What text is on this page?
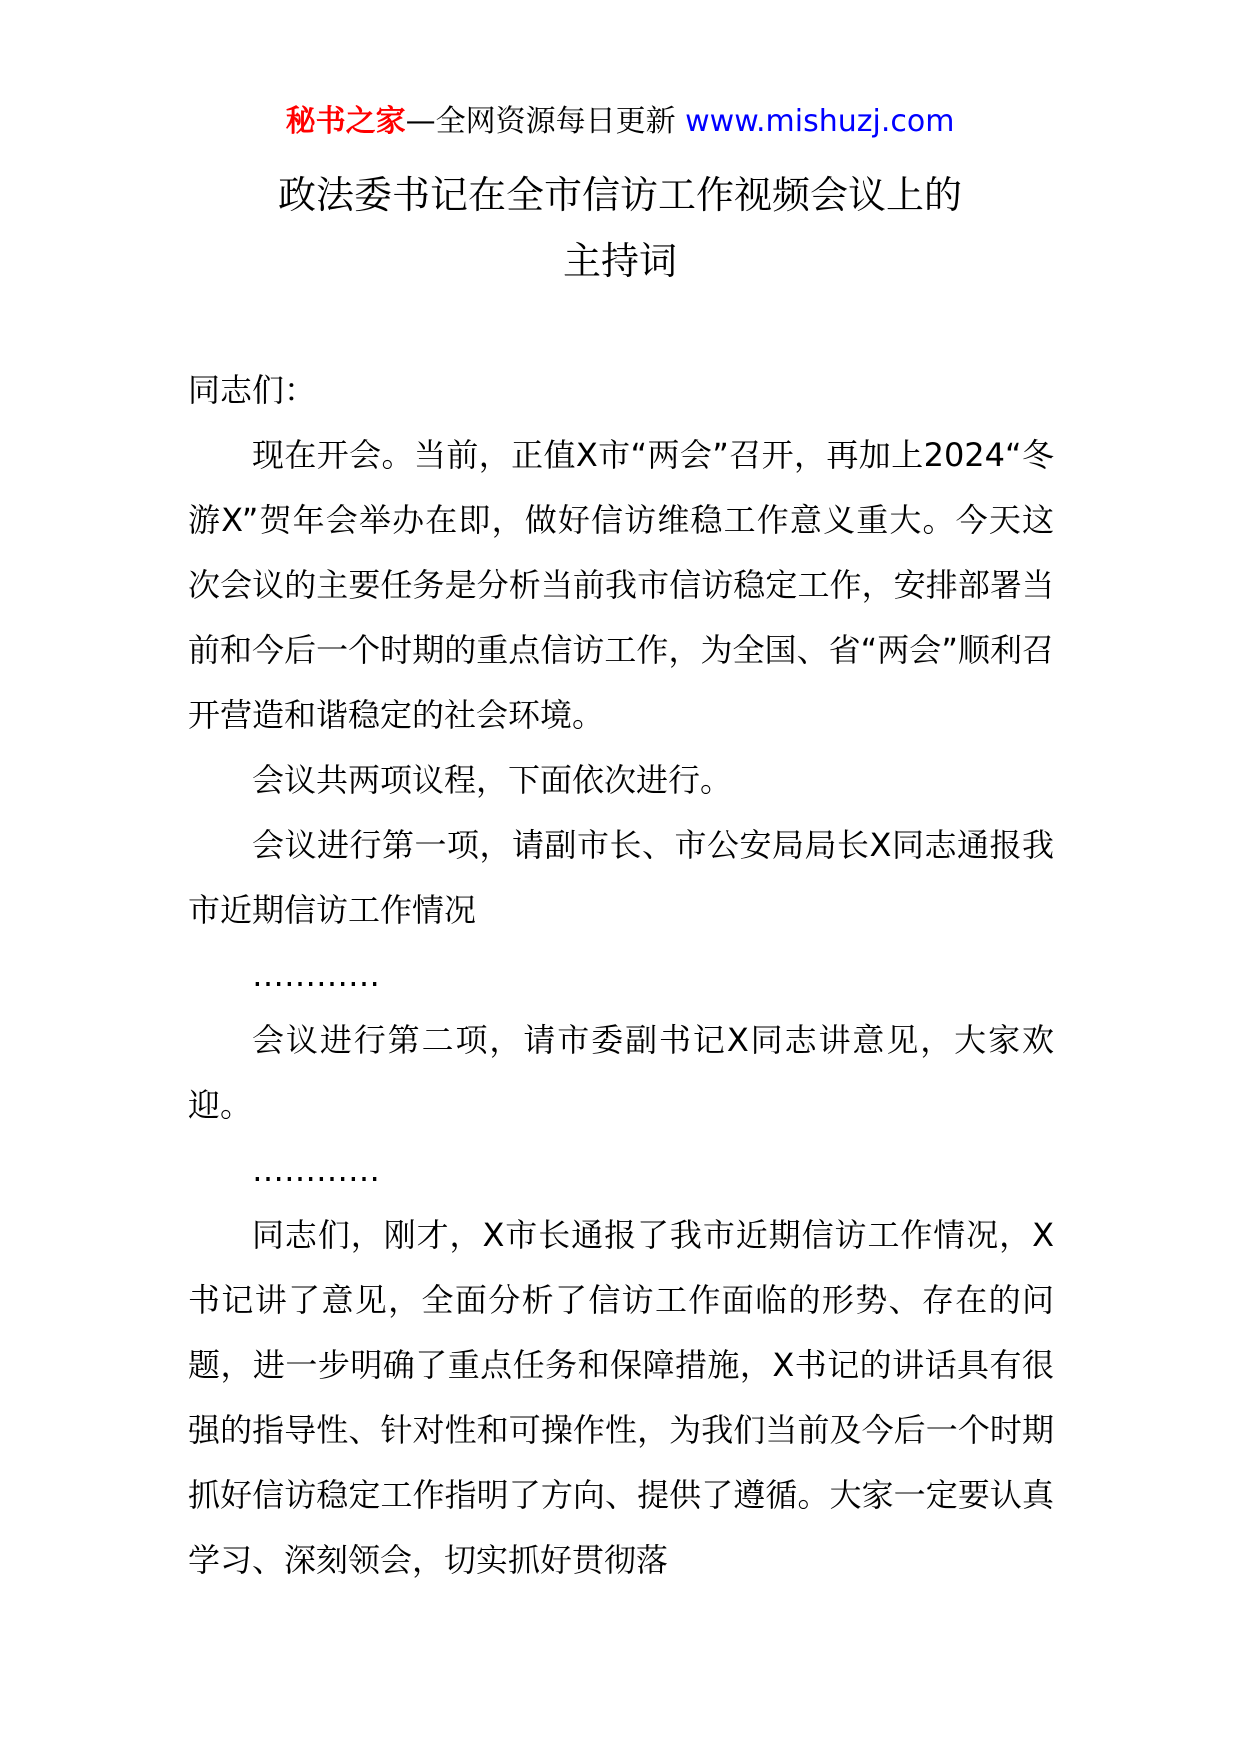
秘书之家—全网资源每日更新 www.mishuzj.com
政法委书记在全市信访工作视频会议上的
主持词

同志们：

现在开会。当前，正值X市“两会”召开，再加上2024“冬游X”贺年会举办在即，做好信访维稳工作意义重大。今天这次会议的主要任务是分析当前我市信访稳定工作，安排部署当前和今后一个时期的重点信访工作，为全国、省“两会”顺利召开营造和谐稳定的社会环境。

会议共两项议程，下面依次进行。

会议进行第一项，请副市长、市公安局局长X同志通报我市近期信访工作情况

…………

会议进行第二项，请市委副书记X同志讲意见，大家欢迎。

…………

同志们，刚才，X市长通报了我市近期信访工作情况，X书记讲了意见，全面分析了信访工作面临的形势、存在的问题，进一步明确了重点任务和保障措施，X书记的讲话具有很强的指导性、针对性和可操作性，为我们当前及今后一个时期抓好信访稳定工作指明了方向、提供了遵循。大家一定要认真学习、深刻领会，切实抓好贯彻落
